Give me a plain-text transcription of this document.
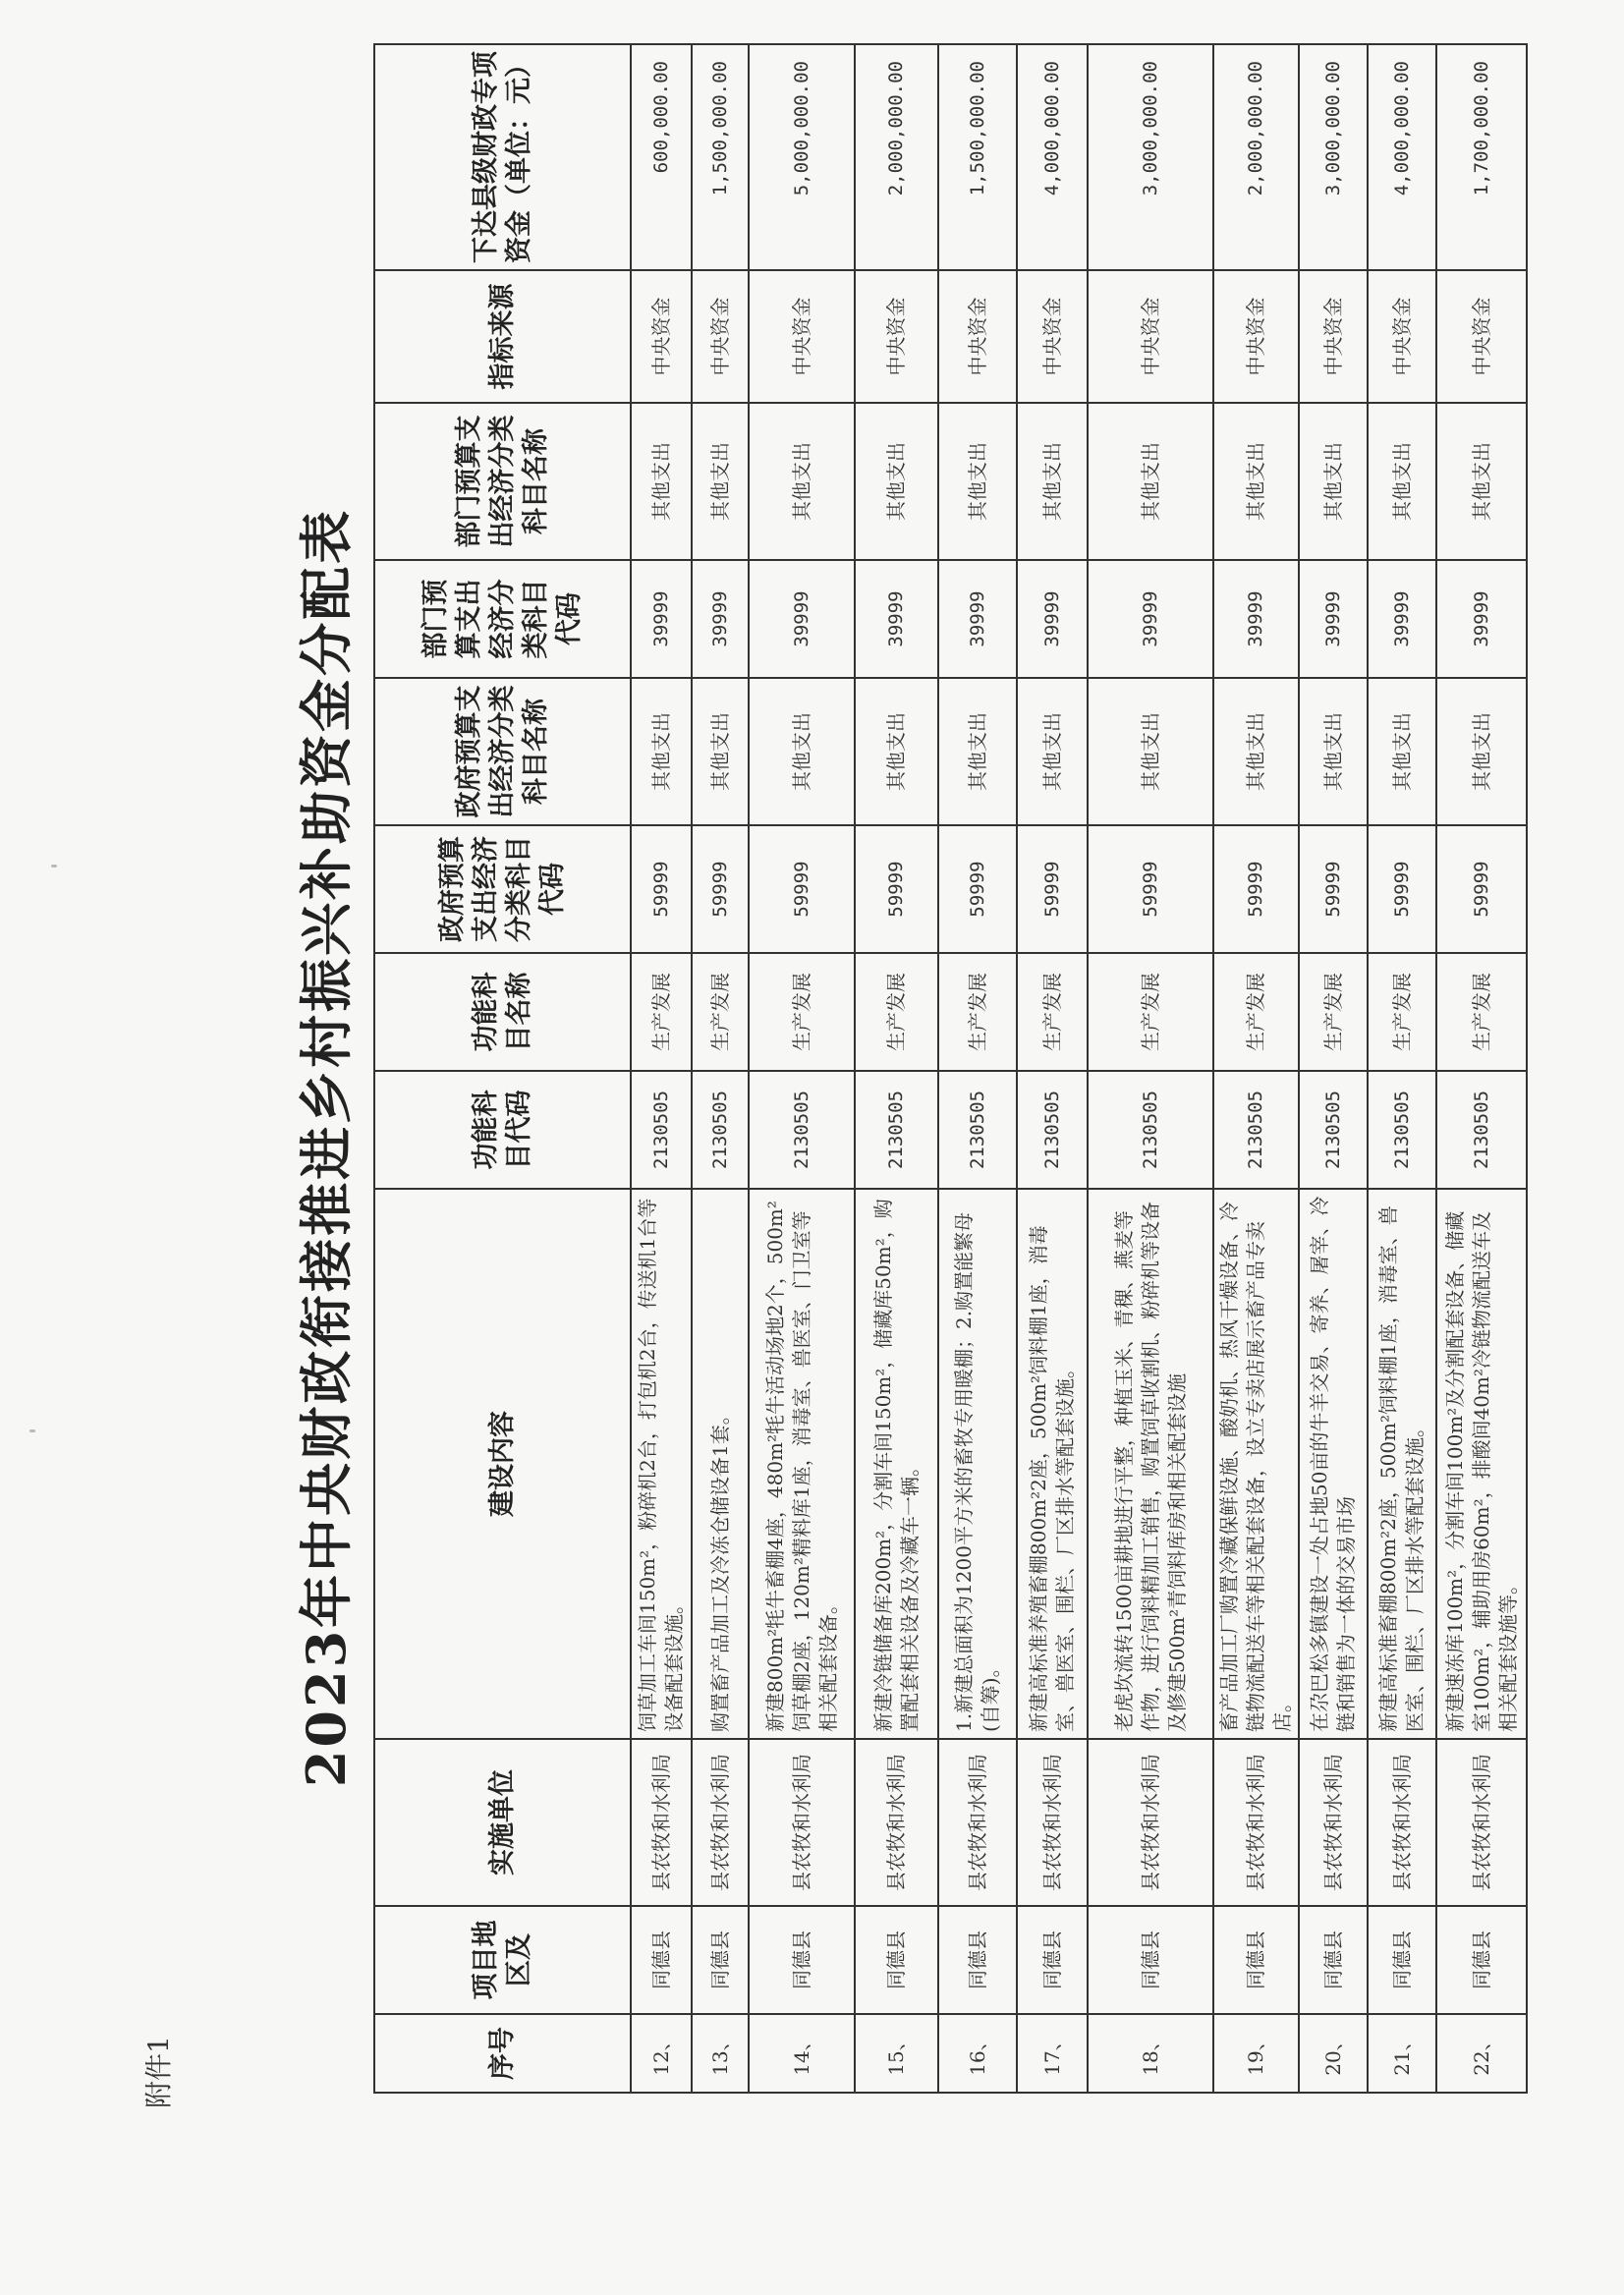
附件1
2023年中央财政衔接推进乡村振兴补助资金分配表
序号	项目地区及	实施单位	建设内容	功能科目代码	功能科目名称	政府预算支出经济分类科目代码	政府预算支出经济分类科目名称	部门预算支出经济分类科目代码	部门预算支出经济分类科目名称	指标来源	下达县级财政专项资金（单位：元）
12、	同德县	县农牧和水利局	饲草加工车间150m²，粉碎机2台，打包机2台，传送机1台等设备配套设施。	2130505	生产发展	59999	其他支出	39999	其他支出	中央资金	600,000.00
13、	同德县	县农牧和水利局	购置畜产品加工及冷冻仓储设备1套。	2130505	生产发展	59999	其他支出	39999	其他支出	中央资金	1,500,000.00
14、	同德县	县农牧和水利局	新建800m²牦牛畜棚4座，480m²牦牛活动场地2个，500m²饲草棚2座，120m²精料库1座，消毒室、兽医室、门卫室等相关配套设备。	2130505	生产发展	59999	其他支出	39999	其他支出	中央资金	5,000,000.00
15、	同德县	县农牧和水利局	新建冷链储备库200m²，分割车间150m²，储藏库50m²，购置配套相关设备及冷藏车一辆。	2130505	生产发展	59999	其他支出	39999	其他支出	中央资金	2,000,000.00
16、	同德县	县农牧和水利局	1.新建总面积为1200平方米的畜牧专用暖棚；2.购置能繁母(自筹)。	2130505	生产发展	59999	其他支出	39999	其他支出	中央资金	1,500,000.00
17、	同德县	县农牧和水利局	新建高标准养殖畜棚800m²2座，500m²饲料棚1座，消毒室、兽医室、围栏、厂区排水等配套设施。	2130505	生产发展	59999	其他支出	39999	其他支出	中央资金	4,000,000.00
18、	同德县	县农牧和水利局	老虎坎流转1500亩耕地进行平整，种植玉米、青稞、燕麦等作物，进行饲料精加工销售，购置饲草收割机、粉碎机等设备及修建500m²青饲料库房和相关配套设施	2130505	生产发展	59999	其他支出	39999	其他支出	中央资金	3,000,000.00
19、	同德县	县农牧和水利局	畜产品加工厂购置冷藏保鲜设施、酸奶机、热风干燥设备、冷链物流配送车等相关配套设备，设立专卖店展示畜产品专卖店。	2130505	生产发展	59999	其他支出	39999	其他支出	中央资金	2,000,000.00
20、	同德县	县农牧和水利局	在尕巴松多镇建设一处占地50亩的牛羊交易、寄养、屠宰、冷链和销售为一体的交易市场	2130505	生产发展	59999	其他支出	39999	其他支出	中央资金	3,000,000.00
21、	同德县	县农牧和水利局	新建高标准畜棚800m²2座，500m²饲料棚1座，消毒室、兽医室、围栏、厂区排水等配套设施。	2130505	生产发展	59999	其他支出	39999	其他支出	中央资金	4,000,000.00
22、	同德县	县农牧和水利局	新建速冻库100m²，分割车间100m²及分割配套设备、储藏室100m²，辅助用房60m²，排酸间40m²冷链物流配送车及相关配套设施等。	2130505	生产发展	59999	其他支出	39999	其他支出	中央资金	1,700,000.00
